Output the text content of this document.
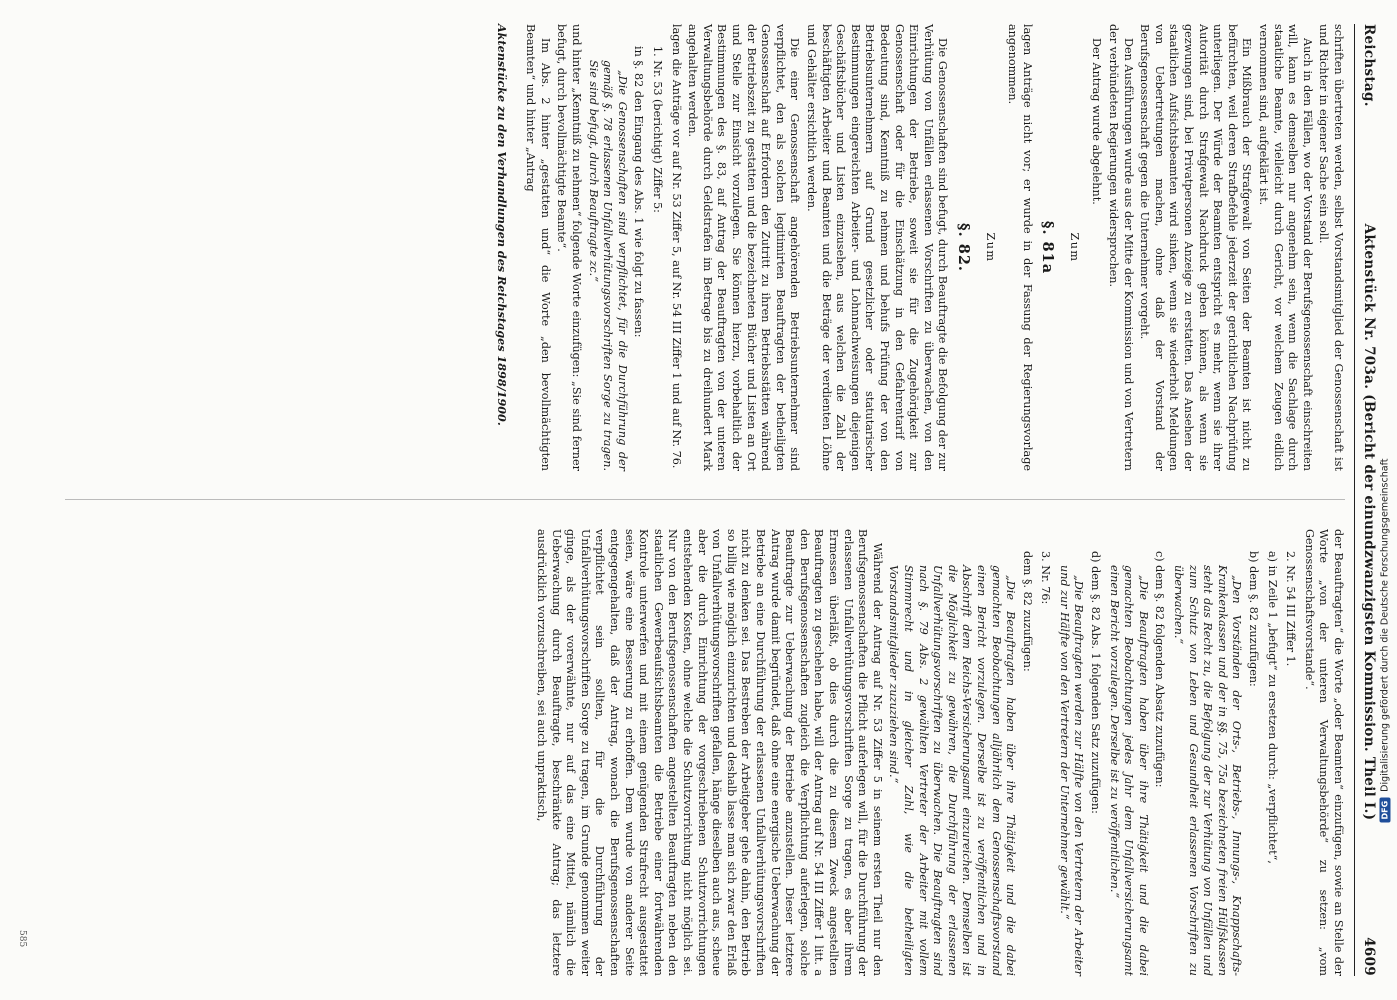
Reichstag.
Aktenstück Nr. 703a. (Bericht der einundzwanzigsten Kommission. Theil I.)
4609

schriften übertreten werden, selbst Vorstandsmitglied der Genossenschaft ist und Richter in eigener Sache sein soll.

Auch in den Fällen, wo der Vorstand der Berufsgenossenschaft einschreiten will, kann es demselben nur angenehm sein, wenn die Sachlage durch staatliche Beamte, vielleicht durch Gericht, vor welchem Zeugen eidlich vernommen sind, aufgeklärt ist.

Ein Mißbrauch der Strafgewalt von Seiten der Beamten ist nicht zu befürchten, weil deren Strafbefehle jederzeit der gerichtlichen Nachprüfung unterliegen. Der Würde der Beamten entspricht es mehr, wenn sie ihrer Autorität durch Strafgewalt Nachdruck geben können, als wenn sie gezwungen sind, bei Privatpersonen Anzeige zu erstatten. Das Ansehen der staatlichen Aufsichtsbeamten wird sinken, wenn sie wiederholt Meldungen von Uebertretungen machen, ohne daß der Vorstand der Berufsgenossenschaft gegen die Unternehmer vorgeht.

Den Ausführungen wurde aus der Mitte der Kommission und von Vertretern der verbündeten Regierungen widersprochen.

Der Antrag wurde abgelehnt.

Zum
§. 81a

lagen Anträge nicht vor; er wurde in der Fassung der Regierungsvorlage angenommen.

Zum
§. 82.

Die Genossenschaften sind befugt, durch Beauftragte die Befolgung der zur Verhütung von Unfällen erlassenen Vorschriften zu überwachen, von den Einrichtungen der Betriebe, soweit sie für die Zugehörigkeit zur Genossenschaft oder für die Einschätzung in den Gefahrentarif von Bedeutung sind, Kenntniß zu nehmen und behufs Prüfung der von den Betriebsunternehmern auf Grund gesetzlicher oder statutarischer Bestimmungen eingereichten Arbeiter- und Lohnnachweisungen diejenigen Geschäftsbücher und Listen einzusehen, aus welchen die Zahl der beschäftigten Arbeiter und Beamten und die Beträge der verdienten Löhne und Gehälter ersichtlich werden.

Die einer Genossenschaft angehörenden Betriebsunternehmer sind verpflichtet, den als solchen legitimirten Beauftragten der betheiligten Genossenschaft auf Erfordern den Zutritt zu ihren Betriebsstätten während der Betriebszeit zu gestatten und die bezeichneten Bücher und Listen an Ort und Stelle zur Einsicht vorzulegen. Sie können hierzu, vorbehaltlich der Bestimmungen des §. 83, auf Antrag der Beauftragten von der unteren Verwaltungsbehörde durch Geldstrafen im Betrage bis zu dreihundert Mark angehalten werden.

lagen die Anträge vor auf Nr. 53 Ziffer 5, auf Nr. 54 III Ziffer 1 und auf Nr. 76.

1. Nr. 53 (berichtigt) Ziffer 5:

in §. 82 den Eingang des Abs. 1 wie folgt zu fassen:

„Die Genossenschaften sind verpflichtet, für die Durchführung der gemäß §. 78 erlassenen Unfallverhütungsvorschriften Sorge zu tragen. Sie sind befugt, durch Beauftragte zc.“

und hinter „Kenntniß zu nehmen“ folgende Worte einzufügen: „Sie sind ferner befugt, durch bevollmächtigte Beamte“.

Im Abs. 2 hinter „gestatten und“ die Worte „den bevollmächtigten Beamten“ und hinter „Antrag

Aktenstücke zu den Verhandlungen des Reichstages 1898/1900.

der Beauftragten“ die Worte „oder Beamten“ einzufügen, sowie an Stelle der Worte „von der unteren Verwaltungsbehörde“ zu setzen: „vom Genossenschaftsvorstande“.

2. Nr. 54 III Ziffer 1.

a) in Zeile 1 „befugt“ zu ersetzen durch: „verpflichtet“,

b) dem §. 82 zuzufügen:

„Den Vorständen der Orts-, Betriebs-, Innungs-, Knappschafts-Krankenkassen und der in §§. 75, 75a bezeichneten freien Hülfskassen steht das Recht zu, die Befolgung der zur Verhütung von Unfällen und zum Schutz von Leben und Gesundheit erlassenen Vorschriften zu überwachen.“

c) dem §. 82 folgenden Absatz zuzufügen:

„Die Beauftragten haben über ihre Thätigkeit und die dabei gemachten Beobachtungen jedes Jahr dem Unfallversicherungsamt einen Bericht vorzulegen. Derselbe ist zu veröffentlichen.“

d) dem §. 82 Abs. 1 folgenden Satz zuzufügen:

„Die Beauftragten werden zur Hälfte von den Vertretern der Arbeiter und zur Hälfte von den Vertretern der Unternehmer gewählt.“

3. Nr. 76:

dem §. 82 zuzufügen:

„Die Beauftragten haben über ihre Thätigkeit und die dabei gemachten Beobachtungen alljährlich dem Genossenschaftsvorstand einen Bericht vorzulegen. Derselbe ist zu veröffentlichen und in Abschrift dem Reichs-Versicherungsamt einzureichen. Demselben ist die Möglichkeit zu gewähren, die Durchführung der erlassenen Unfallverhütungsvorschriften zu überwachen. Die Beauftragten sind nach §. 79 Abs. 2 gewählten Vertreter der Arbeiter mit vollem Stimmrecht und in gleicher Zahl, wie die betheiligten Vorstandsmitglieder zuzuziehen sind.“

Während der Antrag auf Nr. 53 Ziffer 5 in seinem ersten Theil nur den Berufsgenossenschaften die Pflicht auferlegen will, für die Durchführung der erlassenen Unfallverhütungsvorschriften Sorge zu tragen, es aber ihrem Ermessen überläßt, ob dies durch die zu diesem Zweck angestellten Beauftragten zu geschehen habe, will der Antrag auf Nr. 54 III Ziffer 1 litt. a den Berufsgenossenschaften zugleich die Verpflichtung auferlegen, solche Beauftragte zur Ueberwachung der Betriebe anzustellen. Dieser letztere Antrag wurde damit begründet, daß ohne eine energische Ueberwachung der Betriebe an eine Durchführung der erlassenen Unfallverhütungsvorschriften nicht zu denken sei. Das Bestreben der Arbeitgeber gehe dahin, den Betrieb so billig wie möglich einzurichten und deshalb lasse man sich zwar den Erlaß von Unfallverhütungsvorschriften gefallen, hänge dieselben auch aus, scheue aber die durch Einrichtung der vorgeschriebenen Schutzvorrichtungen entstehenden Kosten, ohne welche die Schutzvorrichtung nicht möglich sei. Nur von den Berufsgenossenschaften angestellten Beauftragten neben den staatlichen Gewerbeaufsichtsbeamten die Betriebe einer fortwährenden Kontrole unterwerfen und mit einem genügenden Strafrecht ausgestattet seien, wäre eine Besserung zu erhoffen. Dem wurde von anderer Seite entgegengehalten, daß der Antrag, wonach die Berufsgenossenschaften verpflichtet sein sollten, für die Durchführung der Unfallverhütungsvorschriften Sorge zu tragen, im Grunde genommen weiter ginge, als der vorerwähnte, nur auf das eine Mittel, nämlich die Ueberwachung durch Beauftragte, beschränkte Antrag; das letztere ausdrücklich vorzuschreiben, sei auch unpraktisch,

585
DFG
Digitalisierung gefördert durch die Deutsche Forschungsgemeinschaft
